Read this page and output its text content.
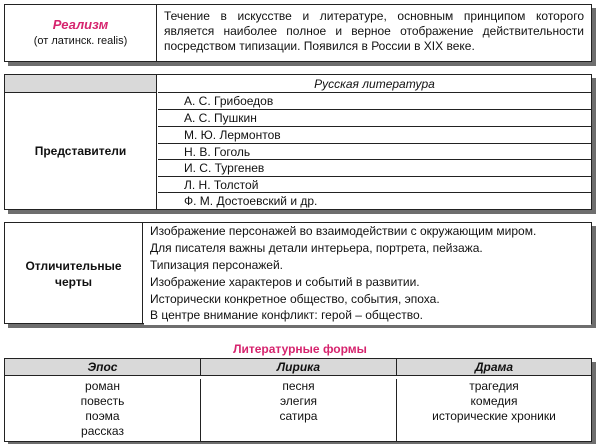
Реализм
(от латинск. realis)
Течение в искусстве и литературе, основным принципом которого является наиболее полное и верное отображение действительности посредством типизации. Появился в России в XIX веке.
Русская литература
Представители
А. С. Грибоедов
А. С. Пушкин
М. Ю. Лермонтов
Н. В. Гоголь
И. С. Тургенев
Л. Н. Толстой
Ф. М. Достоевский и др.
Отличительные
черты
Изображение персонажей во взаимодействии с окружающим миром.
Для писателя важны детали интерьера, портрета, пейзажа.
Типизация персонажей.
Изображение характеров и событий в развитии.
Исторически конкретное общество, события, эпоха.
В центре внимание конфликт: герой – общество.
Литературные формы
Эпос	Лирика	Драма
роман
повесть
поэма
рассказ
песня
элегия
сатира
трагедия
комедия
исторические хроники
